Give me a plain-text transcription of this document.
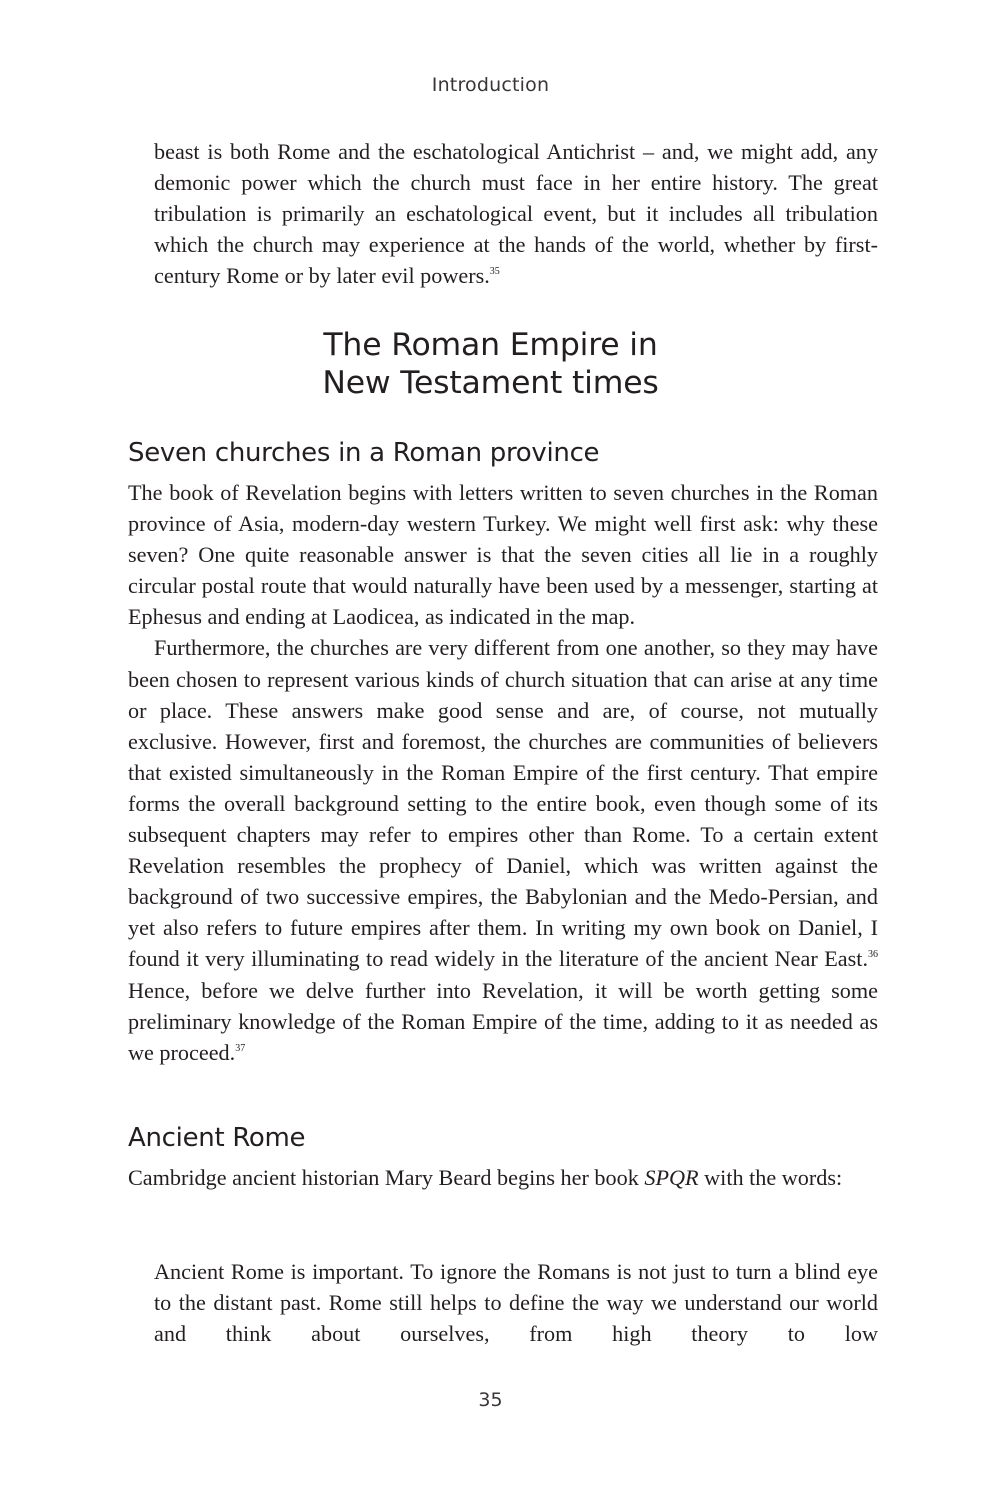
Introduction
beast is both Rome and the eschatological Antichrist – and, we might add, any demonic power which the church must face in her entire history. The great tribulation is primarily an eschatological event, but it includes all tribulation which the church may experience at the hands of the world, whether by first-century Rome or by later evil powers.$^{35}$
The Roman Empire in
New Testament times
Seven churches in a Roman province

The book of Revelation begins with letters written to seven churches in the Roman province of Asia, modern-day western Turkey. We might well first ask: why these seven? One quite reasonable answer is that the seven cities all lie in a roughly circular postal route that would naturally have been used by a messenger, starting at Ephesus and ending at Laodicea, as indicated in the map.

Furthermore, the churches are very different from one another, so they may have been chosen to represent various kinds of church situation that can arise at any time or place. These answers make good sense and are, of course, not mutually exclusive. However, first and foremost, the churches are communities of believers that existed simultaneously in the Roman Empire of the first century. That empire forms the overall background setting to the entire book, even though some of its subsequent chapters may refer to empires other than Rome. To a certain extent Revelation resembles the prophecy of Daniel, which was written against the background of two successive empires, the Babylonian and the Medo-Persian, and yet also refers to future empires after them. In writing my own book on Daniel, I found it very illuminating to read widely in the literature of the ancient Near East.$^{36}$ Hence, before we delve further into Revelation, it will be worth getting some preliminary knowledge of the Roman Empire of the time, adding to it as needed as we proceed.$^{37}$

Ancient Rome
Cambridge ancient historian Mary Beard begins her book SPQR with the words:
Ancient Rome is important. To ignore the Romans is not just to turn a blind eye to the distant past. Rome still helps to define the way we understand our world and think about ourselves, from high theory to low
35
